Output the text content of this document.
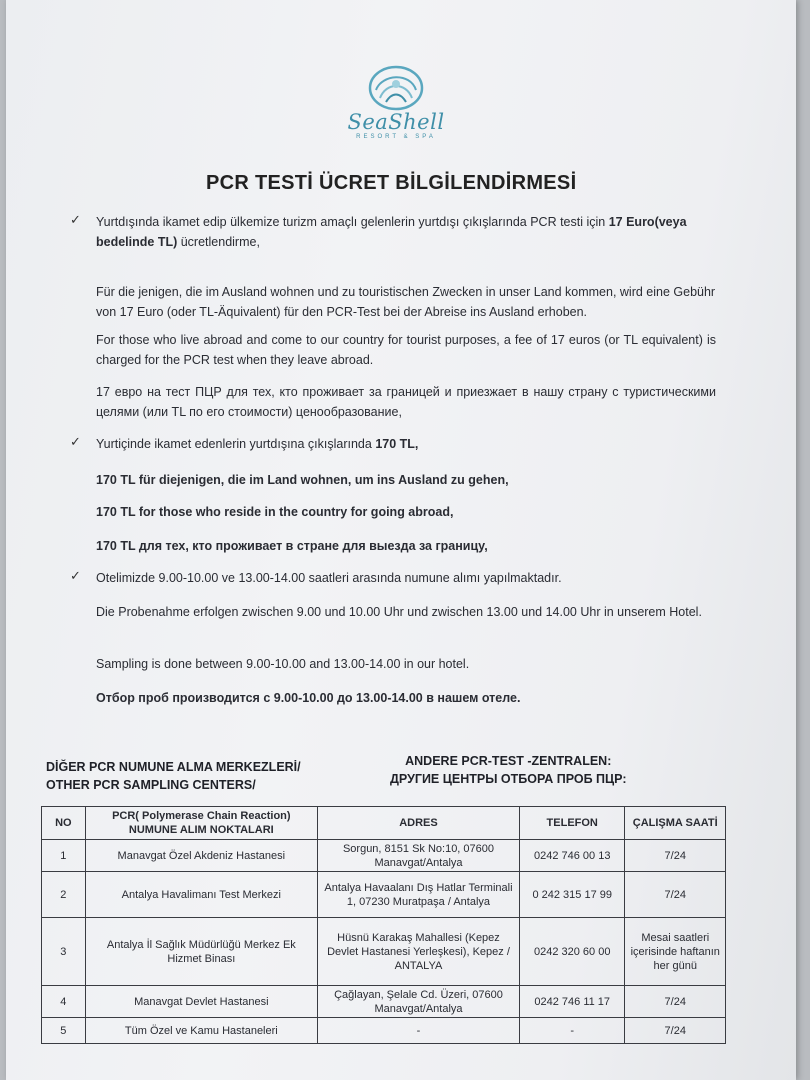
SeaShell
RESORT & SPA
PCR TESTİ ÜCRET BİLGİLENDİRMESİ
✓ Yurtdışında ikamet edip ülkemize turizm amaçlı gelenlerin yurtdışı çıkışlarında PCR testi için 17 Euro(veya bedelinde TL) ücretlendirme,
Für die jenigen, die im Ausland wohnen und zu touristischen Zwecken in unser Land kommen, wird eine Gebühr von 17 Euro (oder TL-Äquivalent) für den PCR-Test bei der Abreise ins Ausland erhoben.
For those who live abroad and come to our country for tourist purposes, a fee of 17 euros (or TL equivalent) is charged for the PCR test when they leave abroad.
17 евро на тест ПЦР для тех, кто проживает за границей и приезжает в нашу страну с туристическими целями (или TL по его стоимости) ценообразование,
✓ Yurtiçinde ikamet edenlerin yurtdışına çıkışlarında 170 TL,
170 TL für diejenigen, die im Land wohnen, um ins Ausland zu gehen,
170 TL for those who reside in the country for going abroad,
170 TL для тех, кто проживает в стране для выезда за границу,
✓ Otelimizde 9.00-10.00 ve 13.00-14.00 saatleri arasında numune alımı yapılmaktadır.
Die Probenahme erfolgen zwischen 9.00 und 10.00 Uhr und zwischen 13.00 und 14.00 Uhr in unserem Hotel.
Sampling is done between 9.00-10.00 and 13.00-14.00 in our hotel.
Отбор проб производится с 9.00-10.00 до 13.00-14.00 в нашем отеле.
DİĞER PCR NUMUNE ALMA MERKEZLERİ/
OTHER PCR SAMPLING CENTERS/
ANDERE PCR-TEST -ZENTRALEN:
ДРУГИЕ ЦЕНТРЫ ОТБОРА ПРОБ ПЦР:
NO	PCR( Polymerase Chain Reaction) NUMUNE ALIM NOKTALARI	ADRES	TELEFON	ÇALIŞMA SAATİ
1	Manavgat Özel Akdeniz Hastanesi	Sorgun, 8151 Sk No:10, 07600 Manavgat/Antalya	0242 746 00 13	7/24
2	Antalya Havalimanı Test Merkezi	Antalya Havaalanı Dış Hatlar Terminali 1, 07230 Muratpaşa / Antalya	0 242 315 17 99	7/24
3	Antalya İl Sağlık Müdürlüğü Merkez Ek Hizmet Binası	Hüsnü Karakaş Mahallesi (Kepez Devlet Hastanesi Yerleşkesi), Kepez / ANTALYA	0242 320 60 00	Mesai saatleri içerisinde haftanın her günü
4	Manavgat Devlet Hastanesi	Çağlayan, Şelale Cd. Üzeri, 07600 Manavgat/Antalya	0242 746 11 17	7/24
5	Tüm Özel ve Kamu Hastaneleri	-	-	7/24
